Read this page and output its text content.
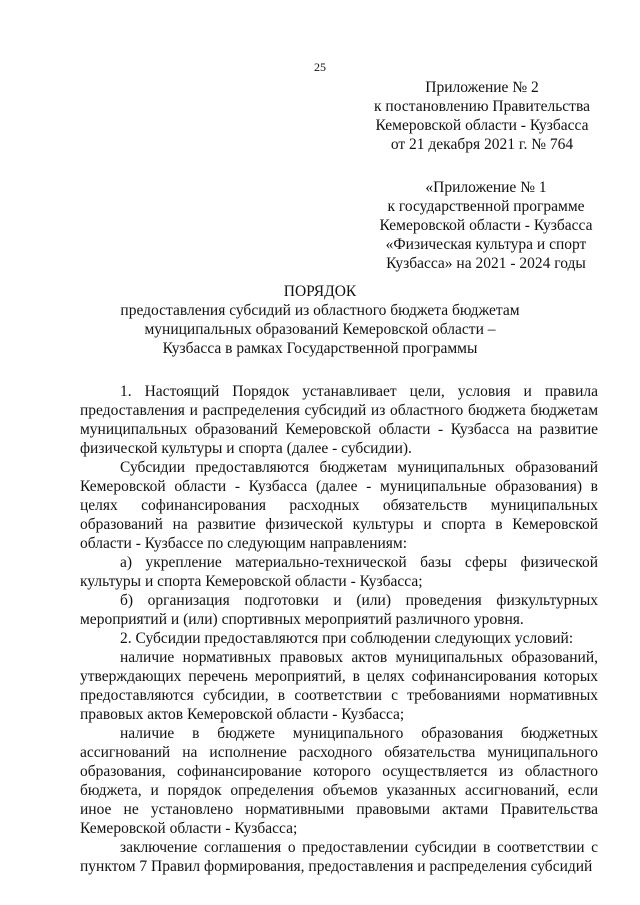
25
Приложение № 2
к постановлению Правительства
Кемеровской области - Кузбасса
от 21 декабря 2021 г. № 764
«Приложение № 1
к государственной программе
Кемеровской области - Кузбасса
«Физическая культура и спорт
Кузбасса» на 2021 - 2024 годы
ПОРЯДОК
предоставления субсидий из областного бюджета бюджетам
муниципальных образований Кемеровской области –
Кузбасса в рамках Государственной программы

1. Настоящий Порядок устанавливает цели, условия и правила предоставления и распределения субсидий из областного бюджета бюджетам муниципальных образований Кемеровской области - Кузбасса на развитие физической культуры и спорта (далее - субсидии).

Субсидии предоставляются бюджетам муниципальных образований Кемеровской области - Кузбасса (далее - муниципальные образования) в целях софинансирования расходных обязательств муниципальных образований на развитие физической культуры и спорта в Кемеровской области - Кузбассе по следующим направлениям:

а) укрепление материально-технической базы сферы физической культуры и спорта Кемеровской области - Кузбасса;

б) организация подготовки и (или) проведения физкультурных мероприятий и (или) спортивных мероприятий различного уровня.

2. Субсидии предоставляются при соблюдении следующих условий:

наличие нормативных правовых актов муниципальных образований, утверждающих перечень мероприятий, в целях софинансирования которых предоставляются субсидии, в соответствии с требованиями нормативных правовых актов Кемеровской области - Кузбасса;

наличие в бюджете муниципального образования бюджетных ассигнований на исполнение расходного обязательства муниципального образования, софинансирование которого осуществляется из областного бюджета, и порядок определения объемов указанных ассигнований, если иное не установлено нормативными правовыми актами Правительства Кемеровской области - Кузбасса;

заключение соглашения о предоставлении субсидии в соответствии с пунктом 7 Правил формирования, предоставления и распределения субсидий
